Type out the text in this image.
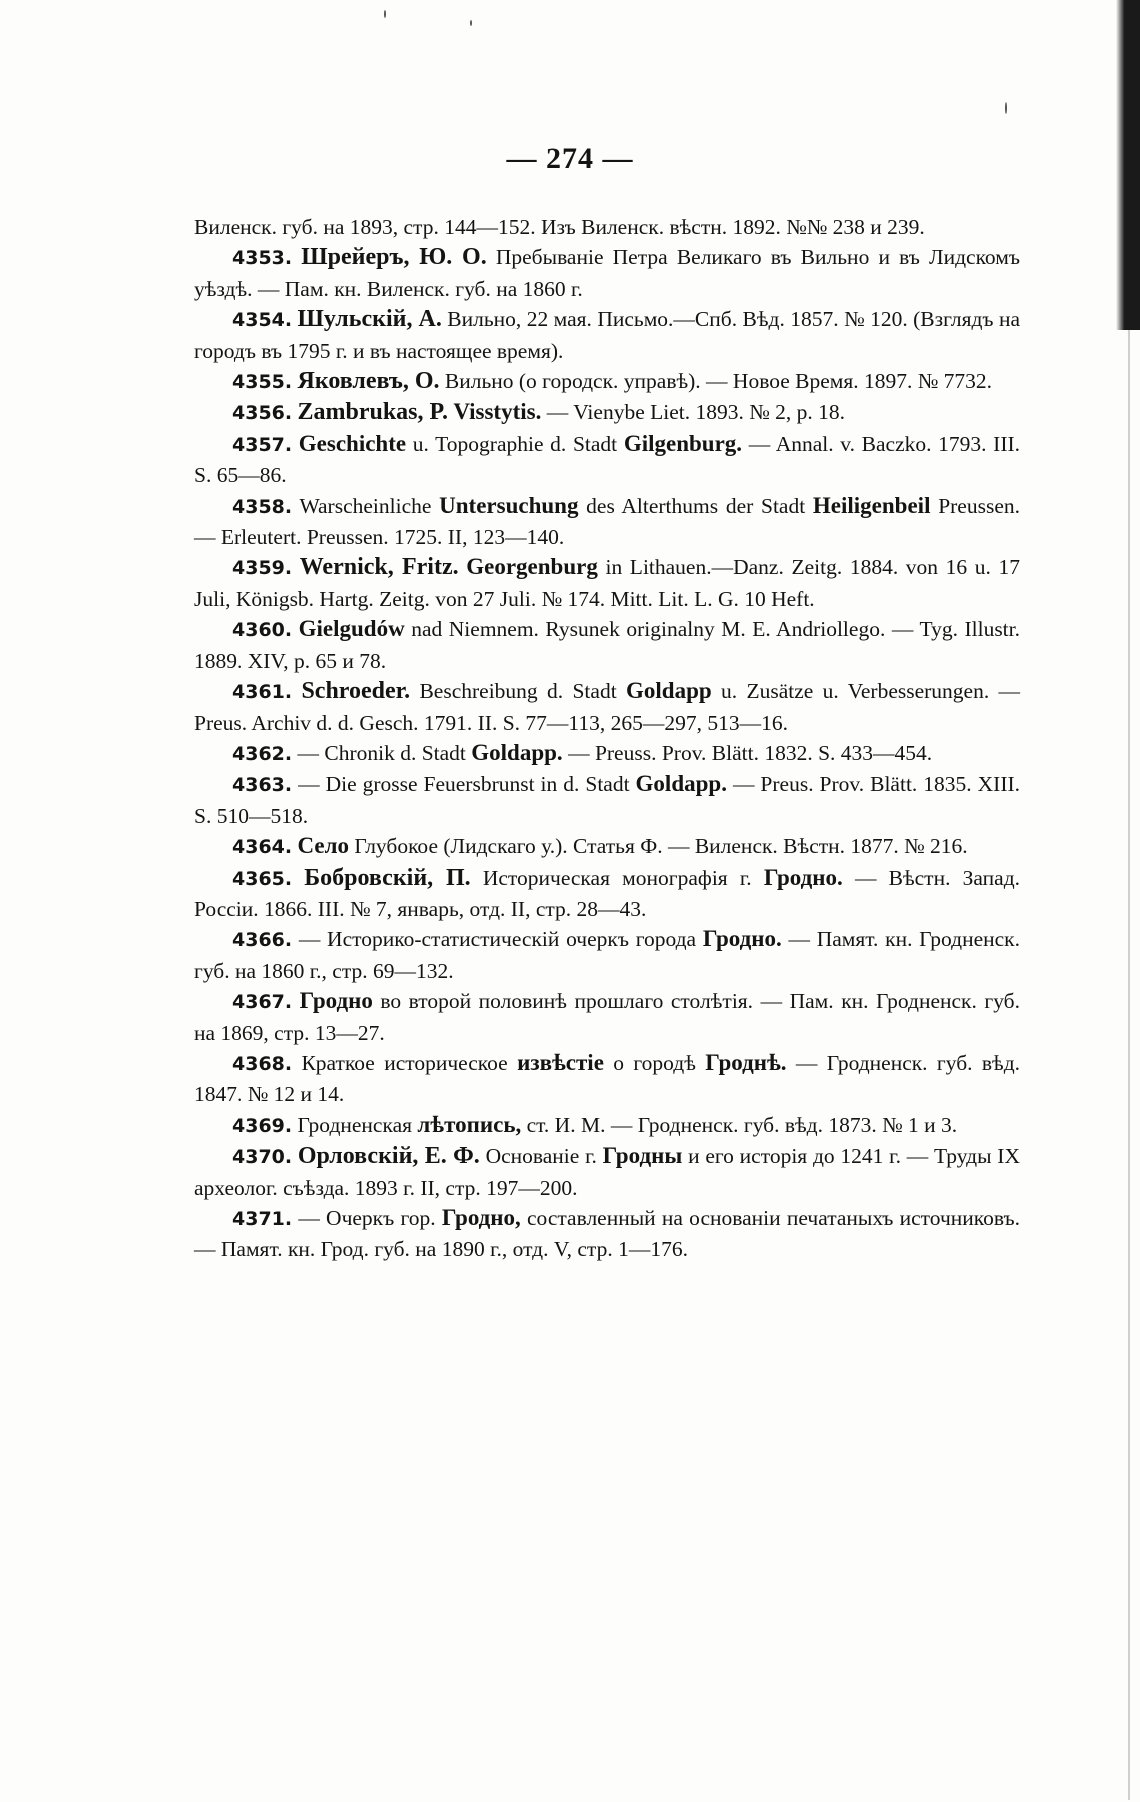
— 274 —

Виленск. губ. на 1893, стр. 144—152. Изъ Виленск. вѣстн. 1892. №№ 238 и 239.

4353. Шрейеръ, Ю. О. Пребываніе Петра Великаго въ Вильно и въ Лидскомъ уѣздѣ. — Пам. кн. Виленск. губ. на 1860 г.

4354. Шульскій, А. Вильно, 22 мая. Письмо.—Спб. Вѣд. 1857. № 120. (Взглядъ на городъ въ 1795 г. и въ настоящее время).

4355. Яковлевъ, О. Вильно (о городск. управѣ). — Новое Время. 1897. № 7732.

4356. Zambrukas, P. Visstytis. — Vienybe Liet. 1893. № 2, p. 18.

4357. Geschichte u. Topographie d. Stadt Gilgenburg. — Annal. v. Baczko. 1793. III. S. 65—86.

4358. Warscheinliche Untersuchung des Alterthums der Stadt Heiligenbeil Preussen. — Erleutert. Preussen. 1725. II, 123—140.

4359. Wernick, Fritz. Georgenburg in Lithauen.—Danz. Zeitg. 1884. von 16 u. 17 Juli, Königsb. Hartg. Zeitg. von 27 Juli. № 174. Mitt. Lit. L. G. 10 Heft.

4360. Gielgudów nad Niemnem. Rysunek originalny M. E. Andriollego. — Tyg. Illustr. 1889. XIV, p. 65 и 78.

4361. Schroeder. Beschreibung d. Stadt Goldapp u. Zusätze u. Verbesserungen. — Preus. Archiv d. d. Gesch. 1791. II. S. 77—113, 265—297, 513—16.

4362. — Chronik d. Stadt Goldapp. — Preuss. Prov. Blätt. 1832. S. 433—454.

4363. — Die grosse Feuersbrunst in d. Stadt Goldapp. — Preus. Prov. Blätt. 1835. XIII. S. 510—518.

4364. Село Глубокое (Лидскаго у.). Статья Ф. — Виленск. Вѣстн. 1877. № 216.

4365. Бобровскій, П. Историческая монографія г. Гродно. — Вѣстн. Запад. Россіи. 1866. III. № 7, январь, отд. II, стр. 28—43.

4366. — Историко-статистическій очеркъ города Гродно. — Памят. кн. Гродненск. губ. на 1860 г., стр. 69—132.

4367. Гродно во второй половинѣ прошлаго столѣтія. — Пам. кн. Гродненск. губ. на 1869, стр. 13—27.

4368. Краткое историческое извѣстіе о городѣ Гроднѣ. — Гродненск. губ. вѣд. 1847. № 12 и 14.

4369. Гродненская лѣтопись, ст. И. М. — Гродненск. губ. вѣд. 1873. № 1 и 3.

4370. Орловскій, Е. Ф. Основаніе г. Гродны и его исторія до 1241 г. — Труды IX археолог. съѣзда. 1893 г. II, стр. 197—200.

4371. — Очеркъ гор. Гродно, составленный на основаніи печатаныхъ источниковъ. — Памят. кн. Грод. губ. на 1890 г., отд. V, стр. 1—176.
